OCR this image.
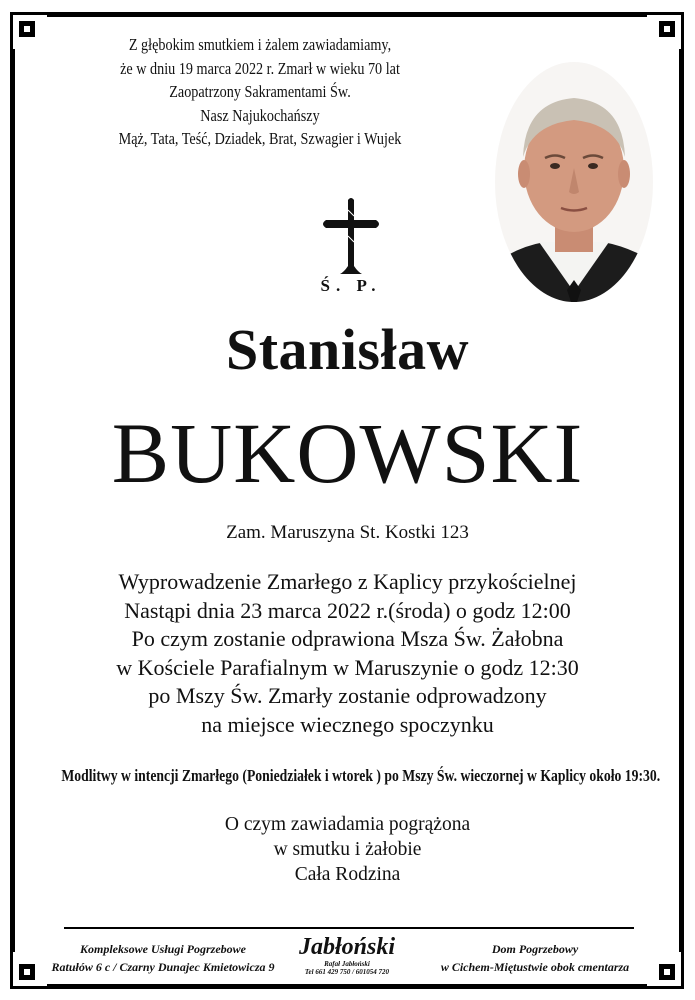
Z głębokim smutkiem i żalem zawiadamiamy,
że w dniu 19 marca 2022 r. Zmarł w wieku 70 lat
Zaopatrzony Sakramentami Św.
Nasz Najukochańszy
Mąż, Tata, Teść, Dziadek, Brat, Szwagier i Wujek
Ś. P.
Stanisław
BUKOWSKI
Zam. Maruszyna St. Kostki 123
Wyprowadzenie Zmarłego z Kaplicy przykościelnej
Nastąpi dnia 23 marca 2022 r.(środa) o godz 12:00
Po czym zostanie odprawiona Msza Św. Żałobna
w Kościele Parafialnym w Maruszynie o godz 12:30
po Mszy Św. Zmarły zostanie odprowadzony
na miejsce wiecznego spoczynku
Modlitwy w intencji Zmarłego (Poniedziałek i wtorek ) po Mszy Św. wieczornej w Kaplicy około 19:30.
O czym zawiadamia pogrążona
w smutku i żałobie
Cała Rodzina
Kompleksowe Usługi Pogrzebowe
Ratułów 6 c / Czarny Dunajec Kmietowicza 9
Jabłoński
Rafał Jabłoński
Tel 661 429 750 / 601054 720
Dom Pogrzebowy
w Cichem-Miętustwie obok cmentarza
